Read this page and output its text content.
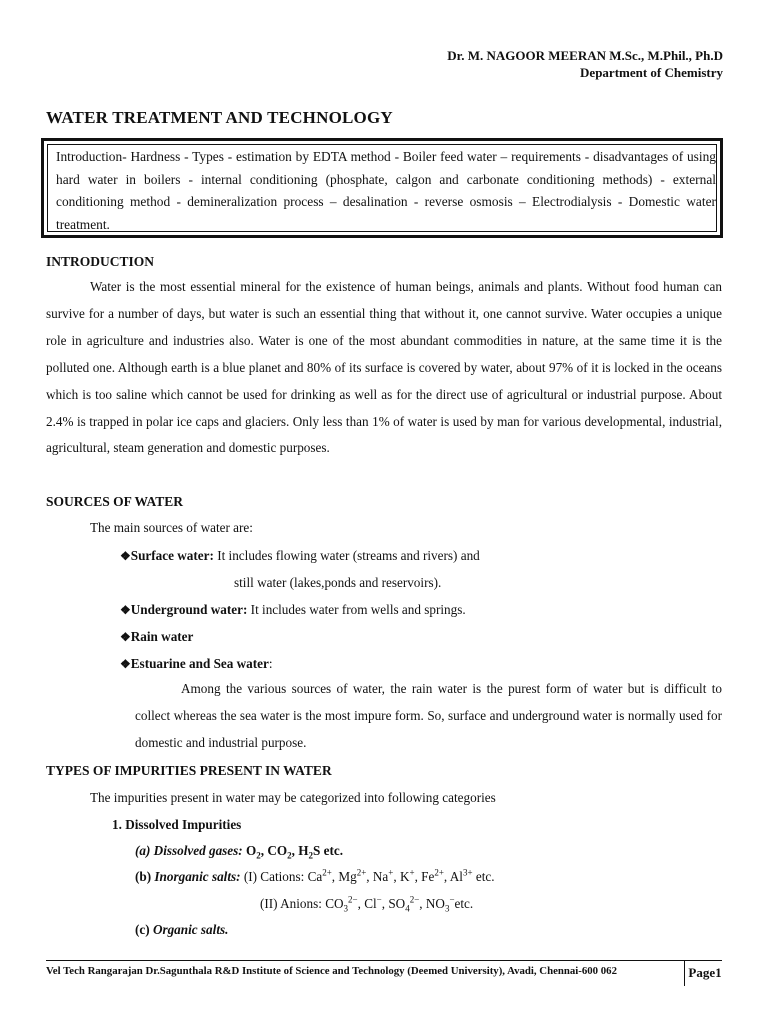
Dr. M. NAGOOR MEERAN M.Sc., M.Phil., Ph.D
Department of Chemistry
WATER TREATMENT AND TECHNOLOGY
Introduction- Hardness - Types - estimation by EDTA method - Boiler feed water – requirements - disadvantages of using hard water in boilers - internal conditioning (phosphate, calgon and carbonate conditioning methods) - external conditioning method - demineralization process – desalination - reverse osmosis – Electrodialysis - Domestic water treatment.
INTRODUCTION
Water is the most essential mineral for the existence of human beings, animals and plants. Without food human can survive for a number of days, but water is such an essential thing that without it, one cannot survive. Water occupies a unique role in agriculture and industries also. Water is one of the most abundant commodities in nature, at the same time it is the polluted one. Although earth is a blue planet and 80% of its surface is covered by water, about 97% of it is locked in the oceans which is too saline which cannot be used for drinking as well as for the direct use of agricultural or industrial purpose. About 2.4% is trapped in polar ice caps and glaciers. Only less than 1% of water is used by man for various developmental, industrial, agricultural, steam generation and domestic purposes.
SOURCES OF WATER
The main sources of water are:
❖Surface water: It includes flowing water (streams and rivers) and
still water (lakes,ponds and reservoirs).
❖Underground water: It includes water from wells and springs.
❖Rain water
❖Estuarine and Sea water:
Among the various sources of water, the rain water is the purest form of water but is difficult to collect whereas the sea water is the most impure form. So, surface and underground water is normally used for domestic and industrial purpose.
TYPES OF IMPURITIES PRESENT IN WATER
The impurities present in water may be categorized into following categories
1. Dissolved Impurities
(a) Dissolved gases: $O_2$, $CO_2$, $H_2S$ etc.
(b) Inorganic salts: (I) Cations: $Ca^{2+}$, $Mg^{2+}$, Na+, K+, $Fe^{2+}$, $Al^{3+}$ etc.
(II) Anions: $CO_3^{2-}$, Cl−, $SO_4^{2-}$, $NO_3^-etc$.
(c) Organic salts.
Vel Tech Rangarajan Dr.Sagunthala R&D Institute of Science and Technology (Deemed University), Avadi, Chennai-600 062	Page1
